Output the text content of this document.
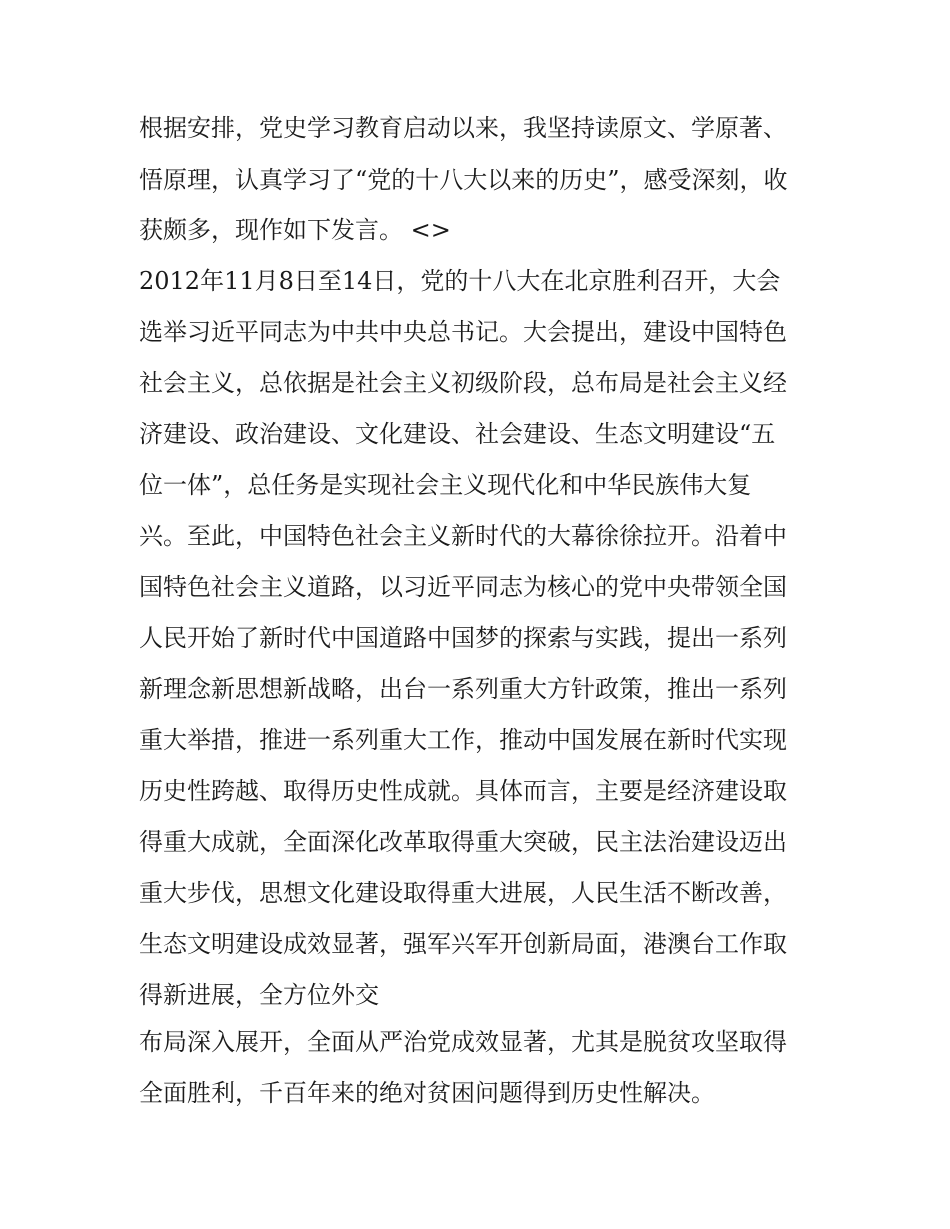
根据安排，党史学习教育启动以来，我坚持读原文、学原著、

悟原理，认真学习了“党的十八大以来的历史”，感受深刻，收

获颇多，现作如下发言。 <>

2012年11月8日至14日，党的十八大在北京胜利召开，大会

选举习近平同志为中共中央总书记。大会提出，建设中国特色

社会主义，总依据是社会主义初级阶段，总布局是社会主义经

济建设、政治建设、文化建设、社会建设、生态文明建设“五

位一体”，总任务是实现社会主义现代化和中华民族伟大复

兴。至此，中国特色社会主义新时代的大幕徐徐拉开。沿着中

国特色社会主义道路，以习近平同志为核心的党中央带领全国

人民开始了新时代中国道路中国梦的探索与实践，提出一系列

新理念新思想新战略，出台一系列重大方针政策，推出一系列

重大举措，推进一系列重大工作，推动中国发展在新时代实现

历史性跨越、取得历史性成就。具体而言，主要是经济建设取

得重大成就，全面深化改革取得重大突破，民主法治建设迈出

重大步伐，思想文化建设取得重大进展，人民生活不断改善，

生态文明建设成效显著，强军兴军开创新局面，港澳台工作取

得新进展，全方位外交

布局深入展开，全面从严治党成效显著，尤其是脱贫攻坚取得

全面胜利，千百年来的绝对贫困问题得到历史性解决。
